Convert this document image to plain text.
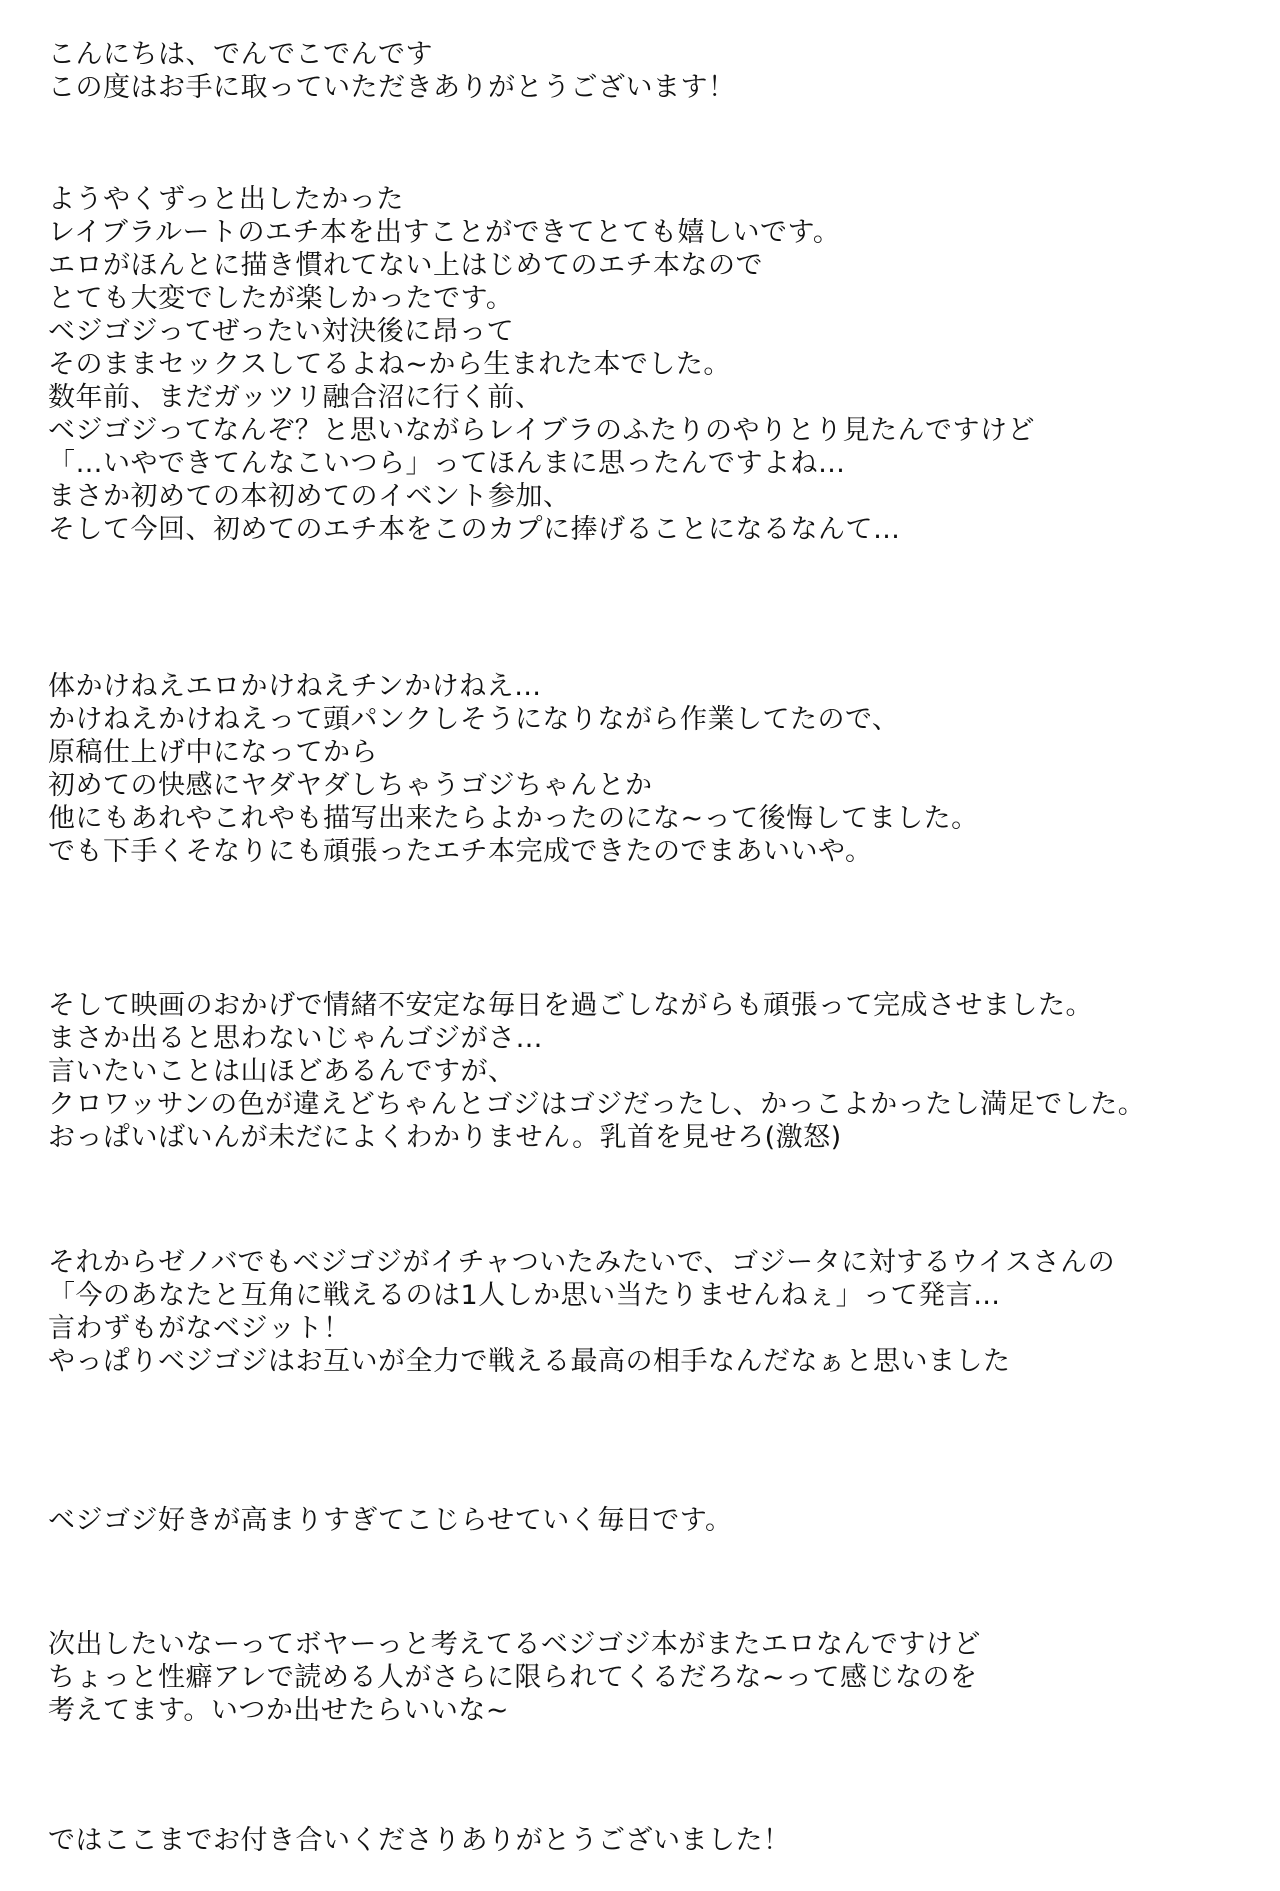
こんにちは、でんでこでんです
この度はお手に取っていただきありがとうございます！
ようやくずっと出したかった
レイブラルートのエチ本を出すことができてとても嬉しいです。
エロがほんとに描き慣れてない上はじめてのエチ本なので
とても大変でしたが楽しかったです。
ベジゴジってぜったい対決後に昂って
そのままセックスしてるよね~から生まれた本でした。
数年前、まだガッツリ融合沼に行く前、
ベジゴジってなんぞ？と思いながらレイブラのふたりのやりとり見たんですけど
「…いやできてんなこいつら」ってほんまに思ったんですよね…
まさか初めての本初めてのイベント参加、
そして今回、初めてのエチ本をこのカプに捧げることになるなんて…
体かけねえエロかけねえチンかけねえ…
かけねえかけねえって頭パンクしそうになりながら作業してたので、
原稿仕上げ中になってから
初めての快感にヤダヤダしちゃうゴジちゃんとか
他にもあれやこれやも描写出来たらよかったのにな~って後悔してました。
でも下手くそなりにも頑張ったエチ本完成できたのでまあいいや。
そして映画のおかげで情緒不安定な毎日を過ごしながらも頑張って完成させました。
まさか出ると思わないじゃんゴジがさ…
言いたいことは山ほどあるんですが、
クロワッサンの色が違えどちゃんとゴジはゴジだったし、かっこよかったし満足でした。
おっぱいばいんが未だによくわかりません。乳首を見せろ(激怒)
それからゼノバでもベジゴジがイチャついたみたいで、ゴジータに対するウイスさんの
「今のあなたと互角に戦えるのは1人しか思い当たりませんねぇ」って発言…
言わずもがなベジット！
やっぱりベジゴジはお互いが全力で戦える最高の相手なんだなぁと思いました
ベジゴジ好きが高まりすぎてこじらせていく毎日です。
次出したいなーってボヤーっと考えてるベジゴジ本がまたエロなんですけど
ちょっと性癖アレで読める人がさらに限られてくるだろな~って感じなのを
考えてます。いつか出せたらいいな~
ではここまでお付き合いくださりありがとうございました！
